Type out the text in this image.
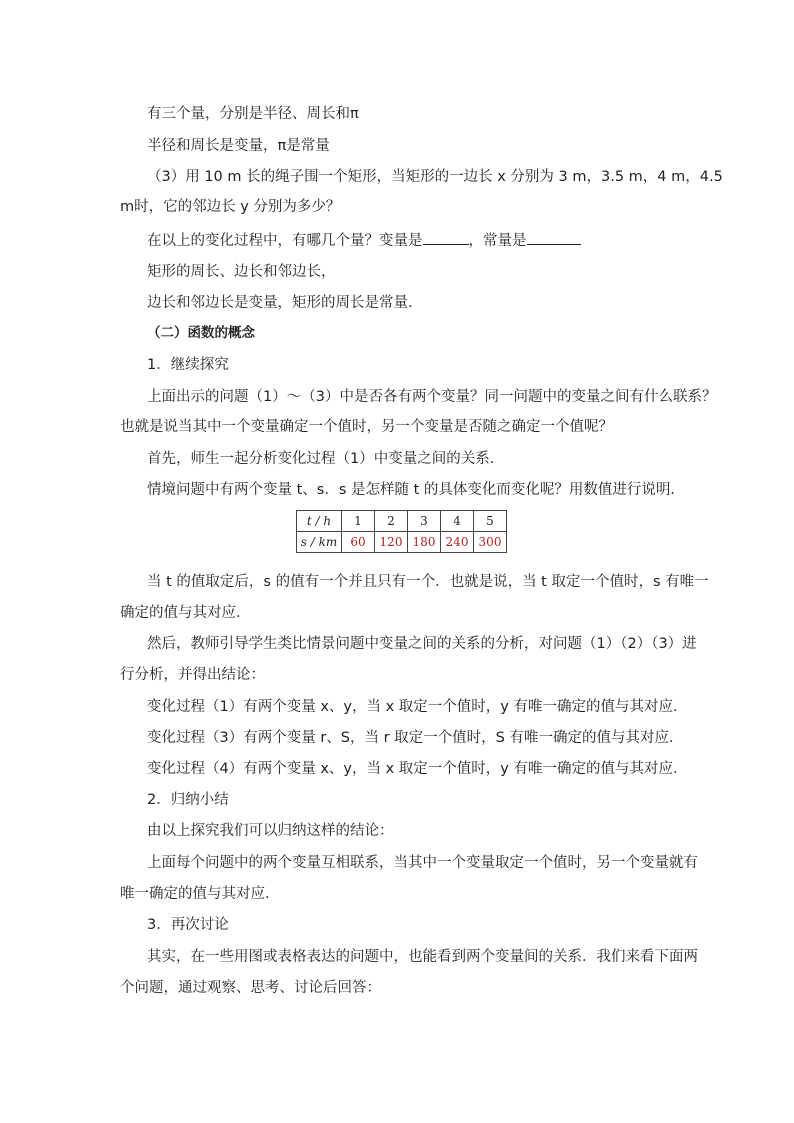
有三个量，分别是半径、周长和π
半径和周长是变量，π是常量
（3）用 10 m 长的绳子围一个矩形，当矩形的一边长 x 分别为 3 m，3.5 m，4 m，4.5
m时，它的邻边长 y 分别为多少？
在以上的变化过程中，有哪几个量？变量是	，常量是
矩形的周长、边长和邻边长，
边长和邻边长是变量，矩形的周长是常量．
（二）函数的概念
1．继续探究
上面出示的问题（1）～（3）中是否各有两个变量？同一问题中的变量之间有什么联系？
也就是说当其中一个变量确定一个值时，另一个变量是否随之确定一个值呢？
首先，师生一起分析变化过程（1）中变量之间的关系．
情境问题中有两个变量 t、s．s 是怎样随 t 的具体变化而变化呢？用数值进行说明．
t / h	1	2	3	4	5
s / km	60	120	180	240	300
当 t 的值取定后，s 的值有一个并且只有一个．也就是说，当 t 取定一个值时，s 有唯一
确定的值与其对应．
然后，教师引导学生类比情景问题中变量之间的关系的分析，对问题（1）（2）（3）进
行分析，并得出结论：
变化过程（1）有两个变量 x、y，当 x 取定一个值时，y 有唯一确定的值与其对应．
变化过程（3）有两个变量 r、S，当 r 取定一个值时，S 有唯一确定的值与其对应．
变化过程（4）有两个变量 x、y，当 x 取定一个值时，y 有唯一确定的值与其对应．
2．归纳小结
由以上探究我们可以归纳这样的结论：
上面每个问题中的两个变量互相联系，当其中一个变量取定一个值时，另一个变量就有
唯一确定的值与其对应．
3．再次讨论
其实，在一些用图或表格表达的问题中，也能看到两个变量间的关系．我们来看下面两
个问题，通过观察、思考、讨论后回答：
